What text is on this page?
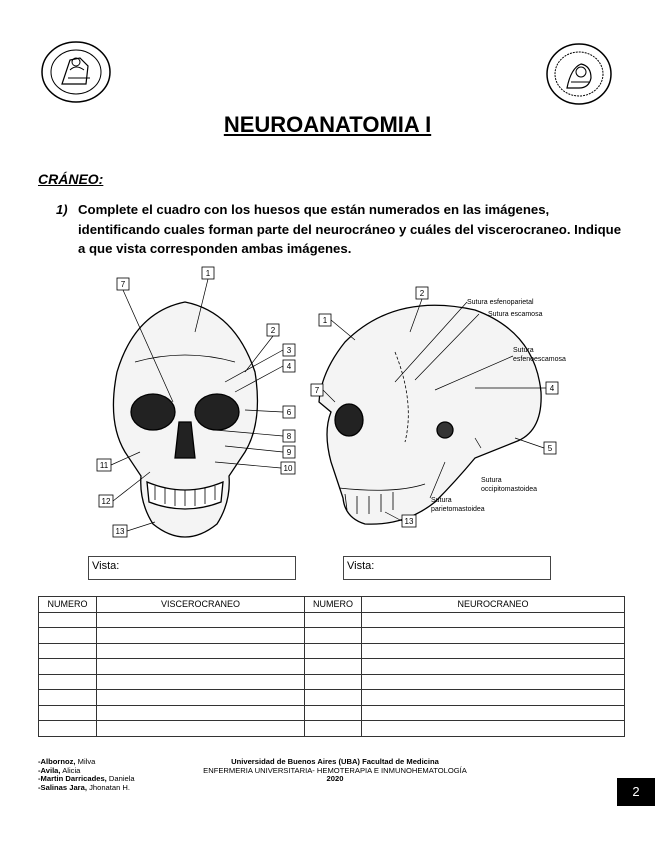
NEUROANATOMIA I
CRÁNEO:
1) Complete el cuadro con los huesos que están numerados en las imágenes, identificando cuales forman parte del neurocráneo y cuáles del viscerocraneo. Indique a que vista corresponden ambas imágenes.
1
2
3
4
6
7
8
9
10
11
12
13
1
2
4
5
7
13
Sutura esfenoparietal
Sutura escamosa
Sutura
esfenoescamosa
Sutura
occipitomastoidea
Sutura
parietomastoidea
Vista:	Vista:
NUMERO	VISCEROCRANEO	NUMERO	NEUROCRANEO

-Albornoz, Milva
-Avila, Alicia
-Martin Darricades, Daniela
-Salinas Jara, Jhonatan H.
Universidad de Buenos Aires (UBA) Facultad de Medicina
ENFERMERIA UNIVERSITARIA- HEMOTERAPIA E INMUNOHEMATOLOGÍA
2020
2
